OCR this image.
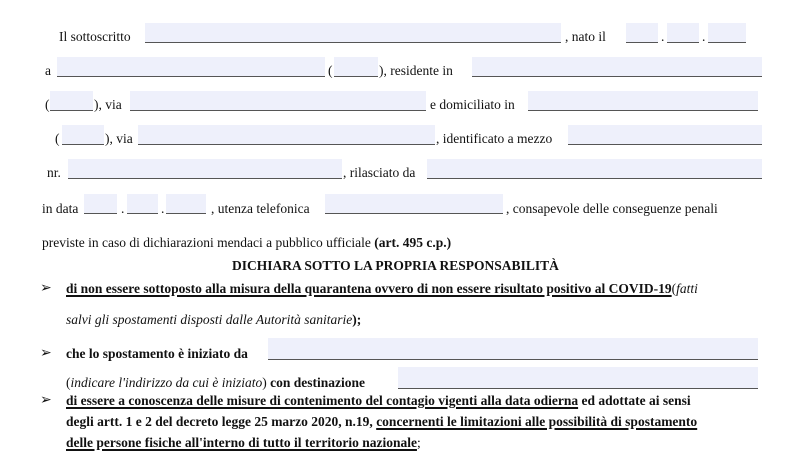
Il sottoscritto	, nato il	.	.
a	(	), residente in
(	), via	e domiciliato in
(	), via	, identificato a mezzo
nr.	, rilasciato da
in data	.	.	, utenza telefonica	, consapevole delle conseguenze penali
previste in caso di dichiarazioni mendaci a pubblico ufficiale (art. 495 c.p.)
DICHIARA SOTTO LA PROPRIA RESPONSABILITÀ
➢ di non essere sottoposto alla misura della quarantena ovvero di non essere risultato positivo al COVID-19(fatti
salvi gli spostamenti disposti dalle Autorità sanitarie);
➢ che lo spostamento è iniziato da
(indicare l'indirizzo da cui è iniziato) con destinazione
➢ di essere a conoscenza delle misure di contenimento del contagio vigenti alla data odierna ed adottate ai sensi
degli artt. 1 e 2 del decreto legge 25 marzo 2020, n.19, concernenti le limitazioni alle possibilità di spostamento
delle persone fisiche all'interno di tutto il territorio nazionale;
